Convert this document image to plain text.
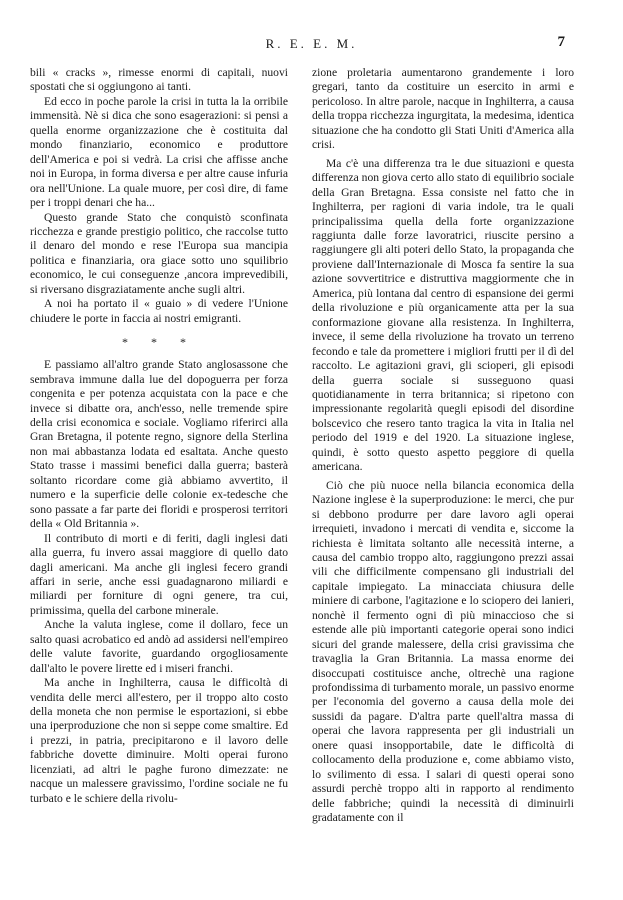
R. E. E. M.	7

bili « cracks », rimesse enormi di capitali, nuovi spostati che si oggiungono ai tanti.

Ed ecco in poche parole la crisi in tutta la la orribile immensità. Nè si dica che sono esagerazioni: si pensi a quella enorme organizzazione che è costituita dal mondo finanziario, economico e produttore dell'America e poi si vedrà. La crisi che affisse anche noi in Europa, in forma diversa e per altre cause infuria ora nell'Unione. La quale muore, per così dire, di fame per i troppi denari che ha...

Questo grande Stato che conquistò sconfinata ricchezza e grande prestigio politico, che raccolse tutto il denaro del mondo e rese l'Europa sua mancipia politica e finanziaria, ora giace sotto uno squilibrio economico, le cui conseguenze ,ancora imprevedibili, si riversano disgraziatamente anche sugli altri.

A noi ha portato il « guaio » di vedere l'Unione chiudere le porte in faccia ai nostri emigranti.

* * *

E passiamo all'altro grande Stato anglosassone che sembrava immune dalla lue del dopoguerra per forza congenita e per potenza acquistata con la pace e che invece si dibatte ora, anch'esso, nelle tremende spire della crisi economica e sociale. Vogliamo riferirci alla Gran Bretagna, il potente regno, signore della Sterlina non mai abbastanza lodata ed esaltata. Anche questo Stato trasse i massimi benefici dalla guerra; basterà soltanto ricordare come già abbiamo avvertito, il numero e la superficie delle colonie ex-tedesche che sono passate a far parte dei floridi e prosperosi territori della « Old Britannia ».

Il contributo di morti e di feriti, dagli inglesi dati alla guerra, fu invero assai maggiore di quello dato dagli americani. Ma anche gli inglesi fecero grandi affari in serie, anche essi guadagnarono miliardi e miliardi per forniture di ogni genere, tra cui, primissima, quella del carbone minerale.

Anche la valuta inglese, come il dollaro, fece un salto quasi acrobatico ed andò ad assidersi nell'empireo delle valute favorite, guardando orgogliosamente dall'alto le povere lirette ed i miseri franchi.

Ma anche in Inghilterra, causa le difficoltà di vendita delle merci all'estero, per il troppo alto costo della moneta che non permise le esportazioni, si ebbe una iperproduzione che non si seppe come smaltire. Ed i prezzi, in patria, precipitarono e il lavoro delle fabbriche dovette diminuire. Molti operai furono licenziati, ad altri le paghe furono dimezzate: ne nacque un malessere gravissimo, l'ordine sociale ne fu turbato e le schiere della rivolu-

zione proletaria aumentarono grandemente i loro gregari, tanto da costituire un esercito in armi e pericoloso. In altre parole, nacque in Inghilterra, a causa della troppa ricchezza ingurgitata, la medesima, identica situazione che ha condotto gli Stati Uniti d'America alla crisi.

Ma c'è una differenza tra le due situazioni e questa differenza non giova certo allo stato di equilibrio sociale della Gran Bretagna. Essa consiste nel fatto che in Inghilterra, per ragioni di varia indole, tra le quali principalissima quella della forte organizzazione raggiunta dalle forze lavoratrici, riuscite persino a raggiungere gli alti poteri dello Stato, la propaganda che proviene dall'Internazionale di Mosca fa sentire la sua azione sovvertitrice e distruttiva maggiormente che in America, più lontana dal centro di espansione dei germi della rivoluzione e più organicamente atta per la sua conformazione giovane alla resistenza. In Inghilterra, invece, il seme della rivoluzione ha trovato un terreno fecondo e tale da promettere i migliori frutti per il dì del raccolto. Le agitazioni gravi, gli scioperi, gli episodi della guerra sociale si susseguono quasi quotidianamente in terra britannica; si ripetono con impressionante regolarità quegli episodi del disordine bolscevico che resero tanto tragica la vita in Italia nel periodo del 1919 e del 1920. La situazione inglese, quindi, è sotto questo aspetto peggiore di quella americana.

Ciò che più nuoce nella bilancia economica della Nazione inglese è la superproduzione: le merci, che pur si debbono produrre per dare lavoro agli operai irrequieti, invadono i mercati di vendita e, siccome la richiesta è limitata soltanto alle necessità interne, a causa del cambio troppo alto, raggiungono prezzi assai vili che difficilmente compensano gli industriali del capitale impiegato. La minacciata chiusura delle miniere di carbone, l'agitazione e lo sciopero dei lanieri, nonchè il fermento ogni dì più minaccioso che si estende alle più importanti categorie operai sono indici sicuri del grande malessere, della crisi gravissima che travaglia la Gran Britannia. La massa enorme dei disoccupati costituisce anche, oltrechè una ragione profondissima di turbamento morale, un passivo enorme per l'economia del governo a causa della mole dei sussidi da pagare. D'altra parte quell'altra massa di operai che lavora rappresenta per gli industriali un onere quasi insopportabile, date le difficoltà di collocamento della produzione e, come abbiamo visto, lo svilimento di essa. I salari di questi operai sono assurdi perchè troppo alti in rapporto al rendimento delle fabbriche; quindi la necessità di diminuirli gradatamente con il
